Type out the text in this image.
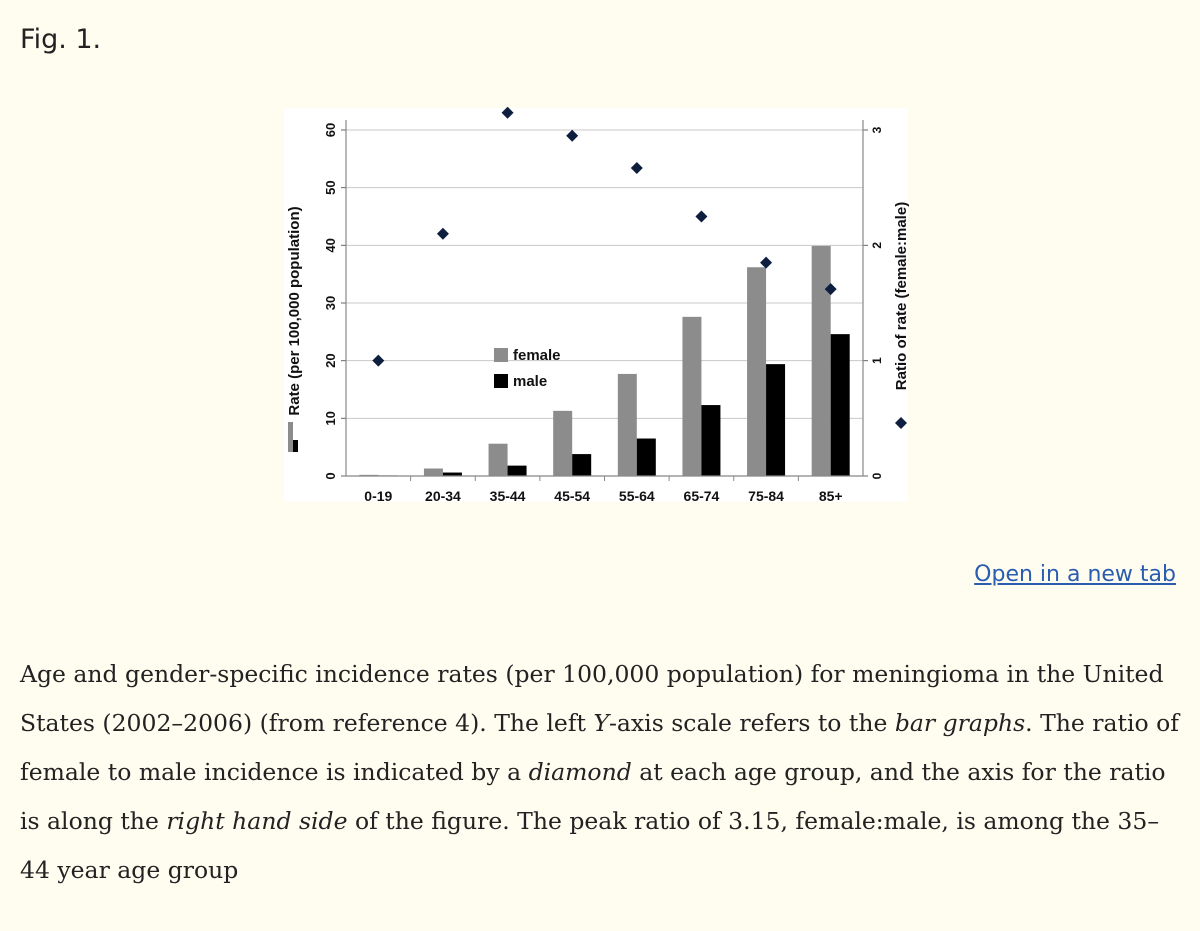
Fig. 1.
0
10
20
30
40
50
60
0
1
2
3
0-19 20-34 35-44 45-54 55-64 65-74 75-84 85+
female
male
Rate (per 100,000 population)	Ratio of rate (female:male)
Open in a new tab

Age and gender-specific incidence rates (per 100,000 population) for meningioma in the United States (2002–2006) (from reference 4). The left Y-axis scale refers to the bar graphs. The ratio of female to male incidence is indicated by a diamond at each age group, and the axis for the ratio is along the right hand side of the figure. The peak ratio of 3.15, female:male, is among the 35–44 year age group
